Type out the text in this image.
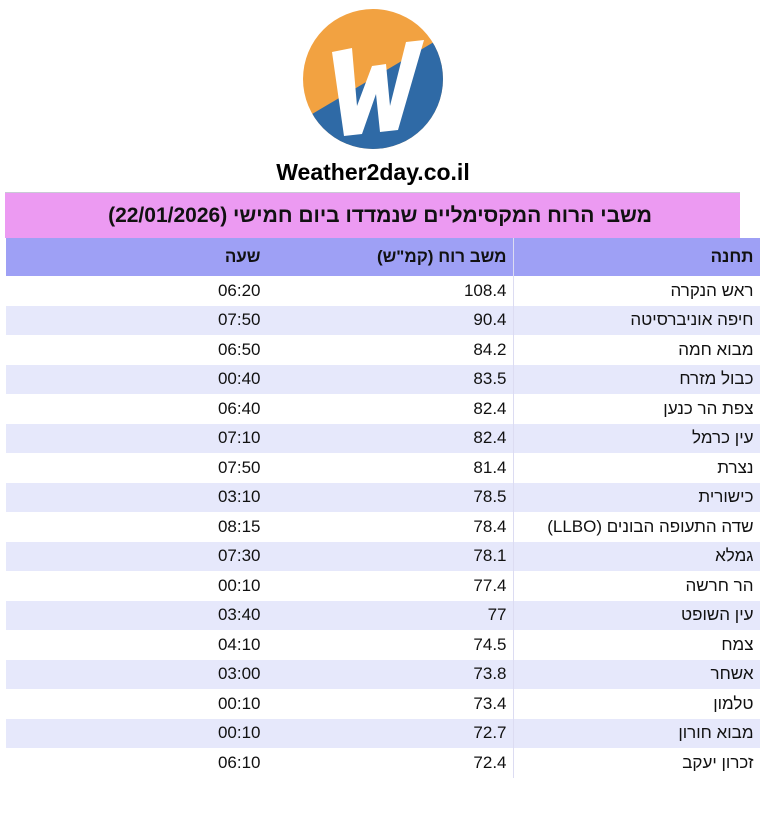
Weather2day.co.il
משבי הרוח המקסימליים שנמדדו ביום חמישי (22/01/2026)
תחנה	משב רוח (קמ"ש)	שעה
ראש הנקרה	108.4	06:20
חיפה אוניברסיטה	90.4	07:50
מבוא חמה	84.2	06:50
כבול מזרח	83.5	00:40
צפת הר כנען	82.4	06:40
עין כרמל	82.4	07:10
נצרת	81.4	07:50
כישורית	78.5	03:10
שדה התעופה הבונים (LLBO)	78.4	08:15
גמלא	78.1	07:30
הר חרשה	77.4	00:10
עין השופט	77	03:40
צמח	74.5	04:10
אשחר	73.8	03:00
טלמון	73.4	00:10
מבוא חורון	72.7	00:10
זכרון יעקב	72.4	06:10
